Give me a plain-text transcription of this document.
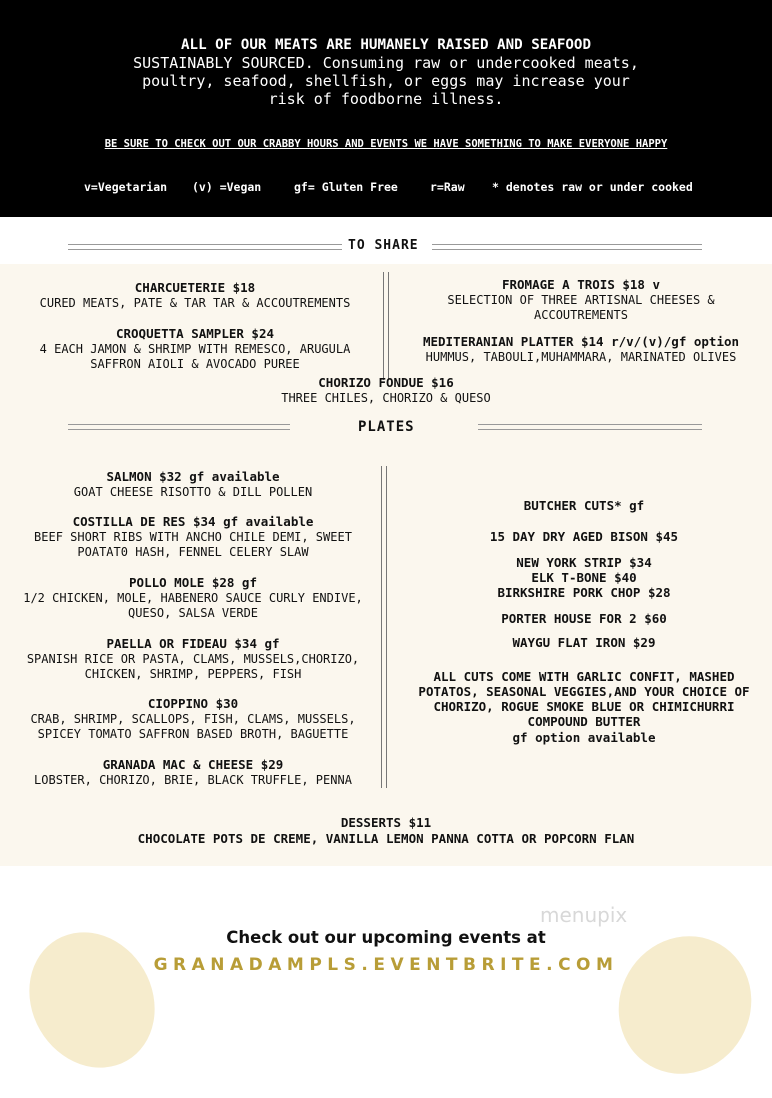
ALL OF OUR MEATS ARE HUMANELY RAISED AND SEAFOOD
SUSTAINABLY SOURCED. Consuming raw or undercooked meats,
poultry, seafood, shellfish, or eggs may increase your
risk of foodborne illness.
BE SURE TO CHECK OUT OUR CRABBY HOURS AND EVENTS WE HAVE SOMETHING TO MAKE EVERYONE HAPPY
v=Vegetarian (v) =Vegan	gf= Gluten Free	r=Raw * denotes raw or under cooked
TO SHARE
CHARCUETERIE $18
CURED MEATS, PATE & TAR TAR & ACCOUTREMENTS
CROQUETTA SAMPLER $24
4 EACH JAMON & SHRIMP WITH REMESCO, ARUGULA
SAFFRON AIOLI & AVOCADO PUREE
FROMAGE A TROIS $18 v
SELECTION OF THREE ARTISNAL CHEESES &
ACCOUTREMENTS
MEDITERANIAN PLATTER $14 r/v/(v)/gf option
HUMMUS, TABOULI,MUHAMMARA, MARINATED OLIVES
CHORIZO FONDUE $16
THREE CHILES, CHORIZO & QUESO
PLATES
SALMON $32 gf available
GOAT CHEESE RISOTTO & DILL POLLEN
COSTILLA DE RES $34 gf available
BEEF SHORT RIBS WITH ANCHO CHILE DEMI, SWEET
POATAT0 HASH, FENNEL CELERY SLAW
POLLO MOLE $28 gf
1/2 CHICKEN, MOLE, HABENERO SAUCE CURLY ENDIVE,
QUESO, SALSA VERDE
PAELLA OR FIDEAU $34 gf
SPANISH RICE OR PASTA, CLAMS, MUSSELS,CHORIZO,
CHICKEN, SHRIMP, PEPPERS, FISH
CIOPPINO $30
CRAB, SHRIMP, SCALLOPS, FISH, CLAMS, MUSSELS,
SPICEY TOMATO SAFFRON BASED BROTH, BAGUETTE
GRANADA MAC & CHEESE $29
LOBSTER, CHORIZO, BRIE, BLACK TRUFFLE, PENNA
BUTCHER CUTS* gf
15 DAY DRY AGED BISON $45
NEW YORK STRIP $34
ELK T-BONE $40
BIRKSHIRE PORK CHOP $28
PORTER HOUSE FOR 2 $60
WAYGU FLAT IRON $29
ALL CUTS COME WITH GARLIC CONFIT, MASHED
POTATOS, SEASONAL VEGGIES,AND YOUR CHOICE OF
CHORIZO, ROGUE SMOKE BLUE OR CHIMICHURRI
COMPOUND BUTTER
gf option available
DESSERTS $11
CHOCOLATE POTS DE CREME, VANILLA LEMON PANNA COTTA OR POPCORN FLAN
menupix
Check out our upcoming events at
GRANADAMPLS.EVENTBRITE.COM
